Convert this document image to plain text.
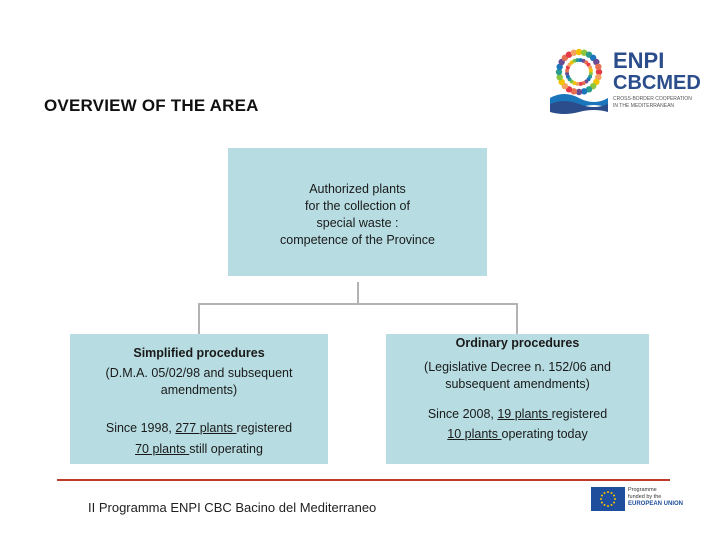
ENPI
CBCMED
CROSS-BORDER COOPERATION
IN THE MEDITERRANEAN
OVERVIEW OF THE AREA
Authorized plants
for the collection of
special waste :
competence of the Province
Simplified procedures
(D.M.A. 05/02/98 and subsequent
amendments)
Since 1998, 277 plants registered
70 plants still operating
Ordinary procedures
(Legislative Decree n. 152/06 and
subsequent amendments)
Since 2008, 19 plants registered
10 plants operating today
II Programma ENPI CBC Bacino del Mediterraneo
Programme
funded by the
EUROPEAN UNION
